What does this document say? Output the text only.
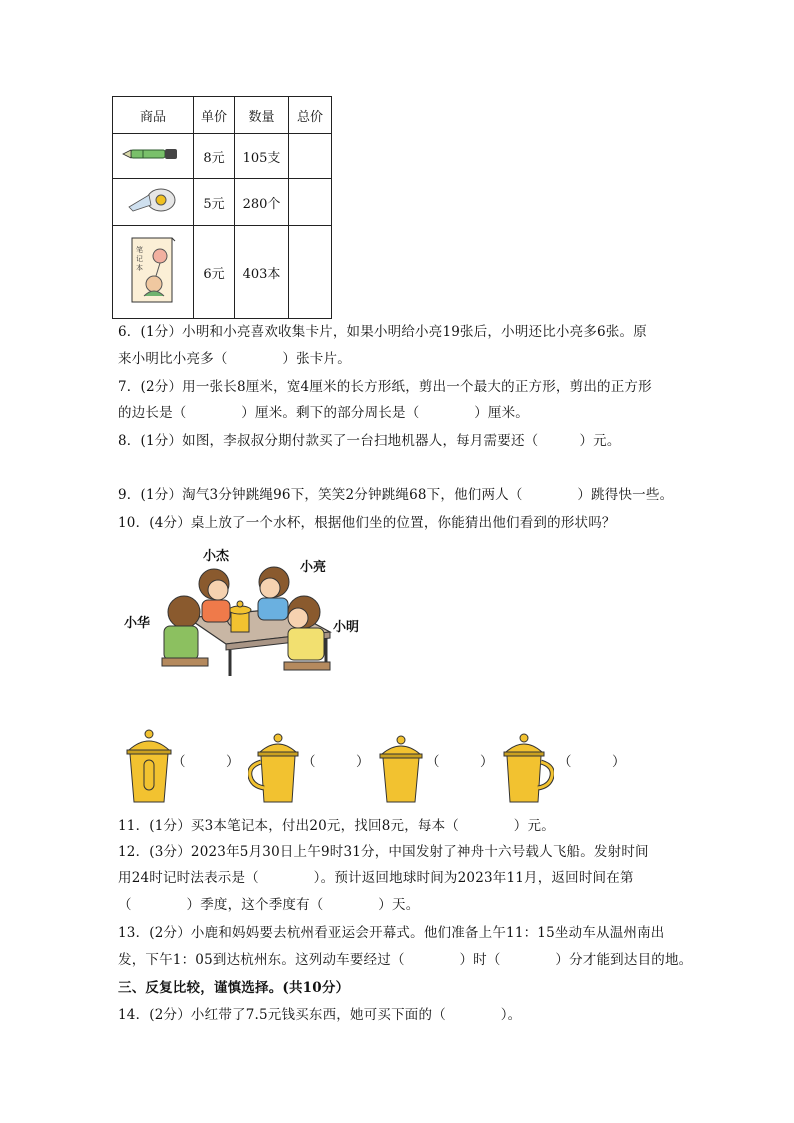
商品	单价	数量	总价
	8元	105支	
	5元	280个	

笔
记
本	6元	403本	
6．(1分）小明和小亮喜欢收集卡片，如果小明给小亮19张后，小明还比小亮多6张。原
来小明比小亮多（　　　　）张卡片。
7．(2分）用一张长8厘米，宽4厘米的长方形纸，剪出一个最大的正方形，剪出的正方形
的边长是（　　　　）厘米。剩下的部分周长是（　　　　）厘米。
8．(1分）如图，李叔叔分期付款买了一台扫地机器人，每月需要还（　　　）元。
9．(1分）淘气3分钟跳绳96下，笑笑2分钟跳绳68下，他们两人（　　　　）跳得快一些。
10．(4分）桌上放了一个水杯，根据他们坐的位置，你能猜出他们看到的形状吗？
小杰
小亮
小华	小明
（　　　）	（　　　）	（　　　）	（　　　）
11．(1分）买3本笔记本，付出20元，找回8元，每本（　　　　）元。
12．(3分）2023年5月30日上午9时31分，中国发射了神舟十六号载人飞船。发射时间
用24时记时法表示是（　　　　）。预计返回地球时间为2023年11月，返回时间在第
（　　　　）季度，这个季度有（　　　　）天。
13．(2分）小鹿和妈妈要去杭州看亚运会开幕式。他们准备上午11：15坐动车从温州南出
发，下午1：05到达杭州东。这列动车要经过（　　　　）时（　　　　）分才能到达目的地。
三、反复比较，谨慎选择。(共10分）
14．(2分）小红带了7.5元钱买东西，她可买下面的（　　　　）。
